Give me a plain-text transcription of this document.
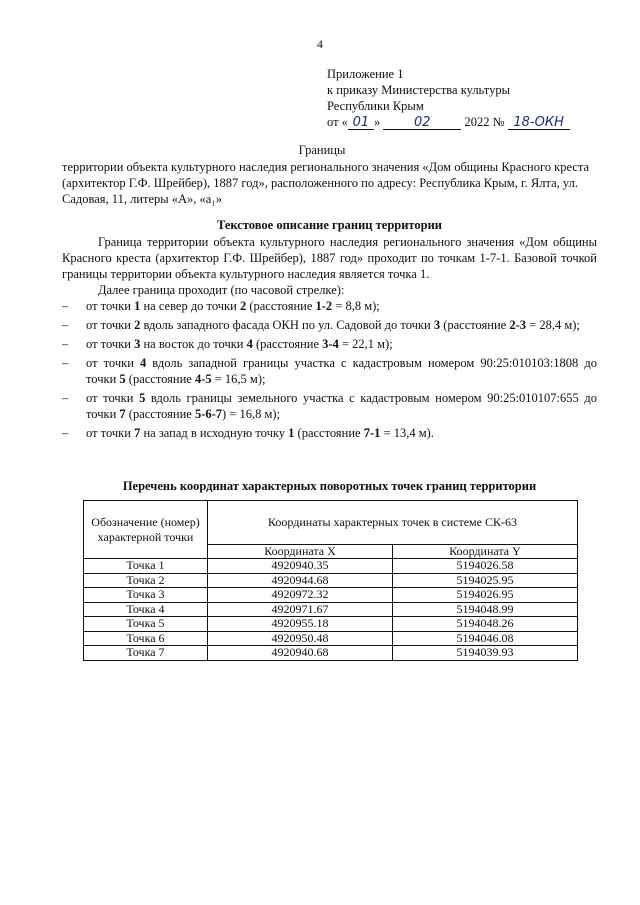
4
Приложение 1
к приказу Министерства культуры
Республики Крым
от « 01 »	02	2022 № 18-ОКН
Границы
территории объекта культурного наследия регионального значения «Дом общины Красного креста (архитектор Г.Ф. Шрейбер), 1887 год», расположенного по адресу: Республика Крым, г. Ялта, ул. Садовая, 11, литеры «А», «а₁»
Текстовое описание границ территории
Граница территории объекта культурного наследия регионального значения «Дом общины Красного креста (архитектор Г.Ф. Шрейбер), 1887 год» проходит по точкам 1-7-1. Базовой точкой границы территории объекта культурного наследия является точка 1.
Далее граница проходит (по часовой стрелке):
– от точки 1 на север до точки 2 (расстояние 1-2 = 8,8 м);
– от точки 2 вдоль западного фасада ОКН по ул. Садовой до точки 3 (расстояние 2-3 = 28,4 м);
– от точки 3 на восток до точки 4 (расстояние 3-4 = 22,1 м);
– от точки 4 вдоль западной границы участка с кадастровым номером 90:25:010103:1808 до точки 5 (расстояние 4-5 = 16,5 м);
– от точки 5 вдоль границы земельного участка с кадастровым номером 90:25:010107:655 до точки 7 (расстояние 5-6-7) = 16,8 м);
– от точки 7 на запад в исходную точку 1 (расстояние 7-1 = 13,4 м).
Перечень координат характерных поворотных точек границ территории
Обозначение (номер) характерной точки	Координаты характерных точек в системе СК-63	
	Координата X	Координата Y
Точка 1	4920940.35	5194026.58
Точка 2	4920944.68	5194025.95
Точка 3	4920972.32	5194026.95
Точка 4	4920971.67	5194048.99
Точка 5	4920955.18	5194048.26
Точка 6	4920950.48	5194046.08
Точка 7	4920940.68	5194039.93
